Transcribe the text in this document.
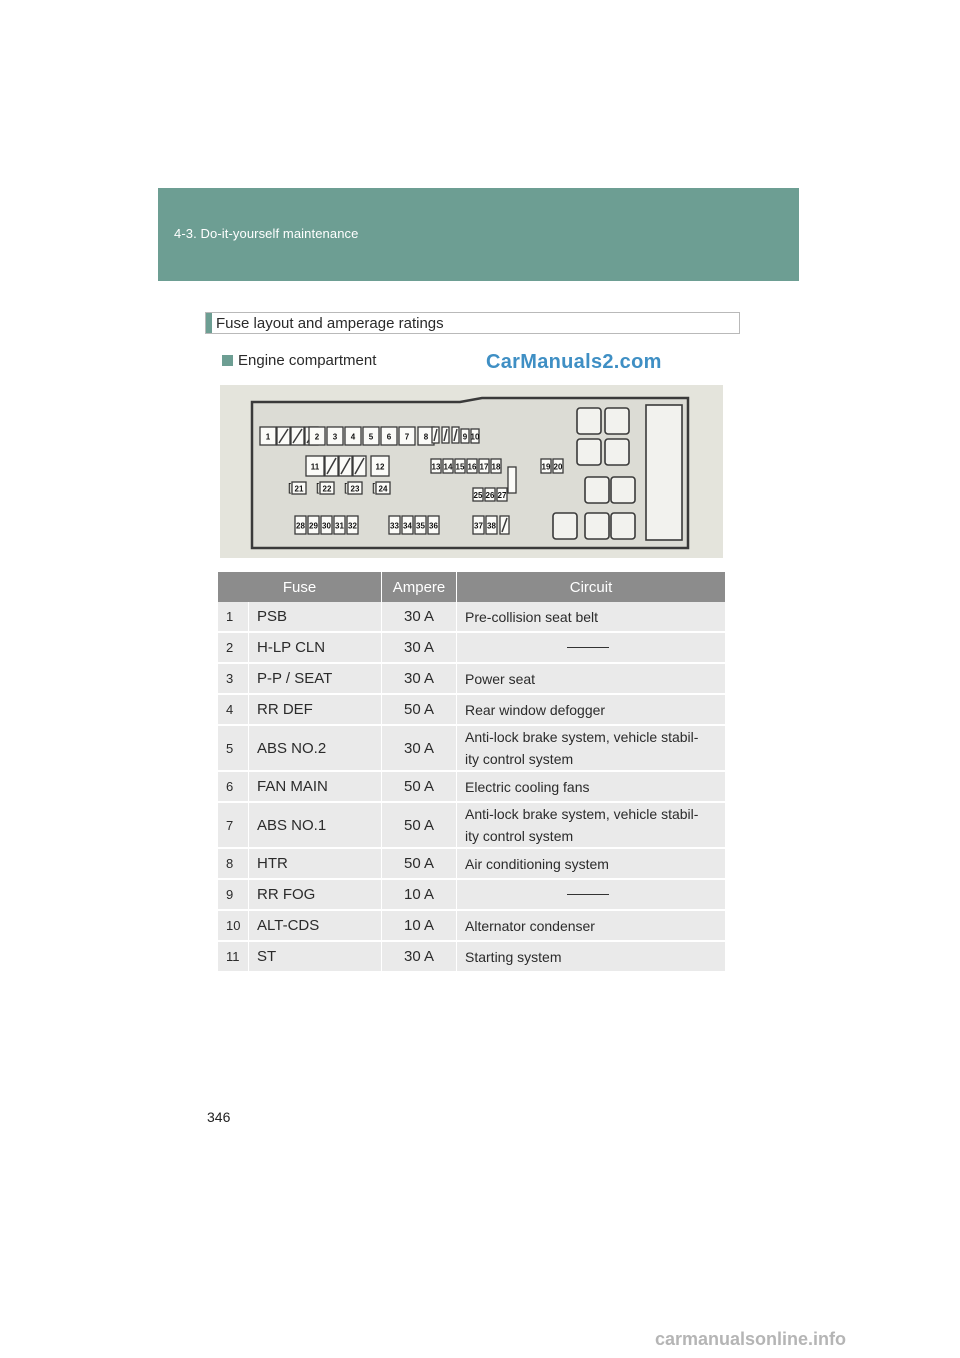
4-3. Do-it-yourself maintenance
Fuse layout and amperage ratings
Engine compartment	CarManuals2.com
1	2 3 4 5 6 7 8	9 10
11	12	13 14 15 16 17 18	19 20
[ 21 [ 22 [ 23 [ 24
25 26 27
28 29 30 31 32	33 34 35 36	37 38
Fuse		Ampere	Circuit
1	PSB	30 A	Pre-collision seat belt
2	H-LP CLN	30 A	

3	P-P / SEAT	30 A	Power seat
4	RR DEF	50 A	Rear window defogger
5	ABS NO.2	30 A	Anti-lock brake system, vehicle stabil-
ity control system
6	FAN MAIN	50 A	Electric cooling fans
7	ABS NO.1	50 A	Anti-lock brake system, vehicle stabil-
ity control system
8	HTR	50 A	Air conditioning system
9	RR FOG	10 A	

10	ALT-CDS	10 A	Alternator condenser
11	ST	30 A	Starting system
346
carmanualsonline.info
